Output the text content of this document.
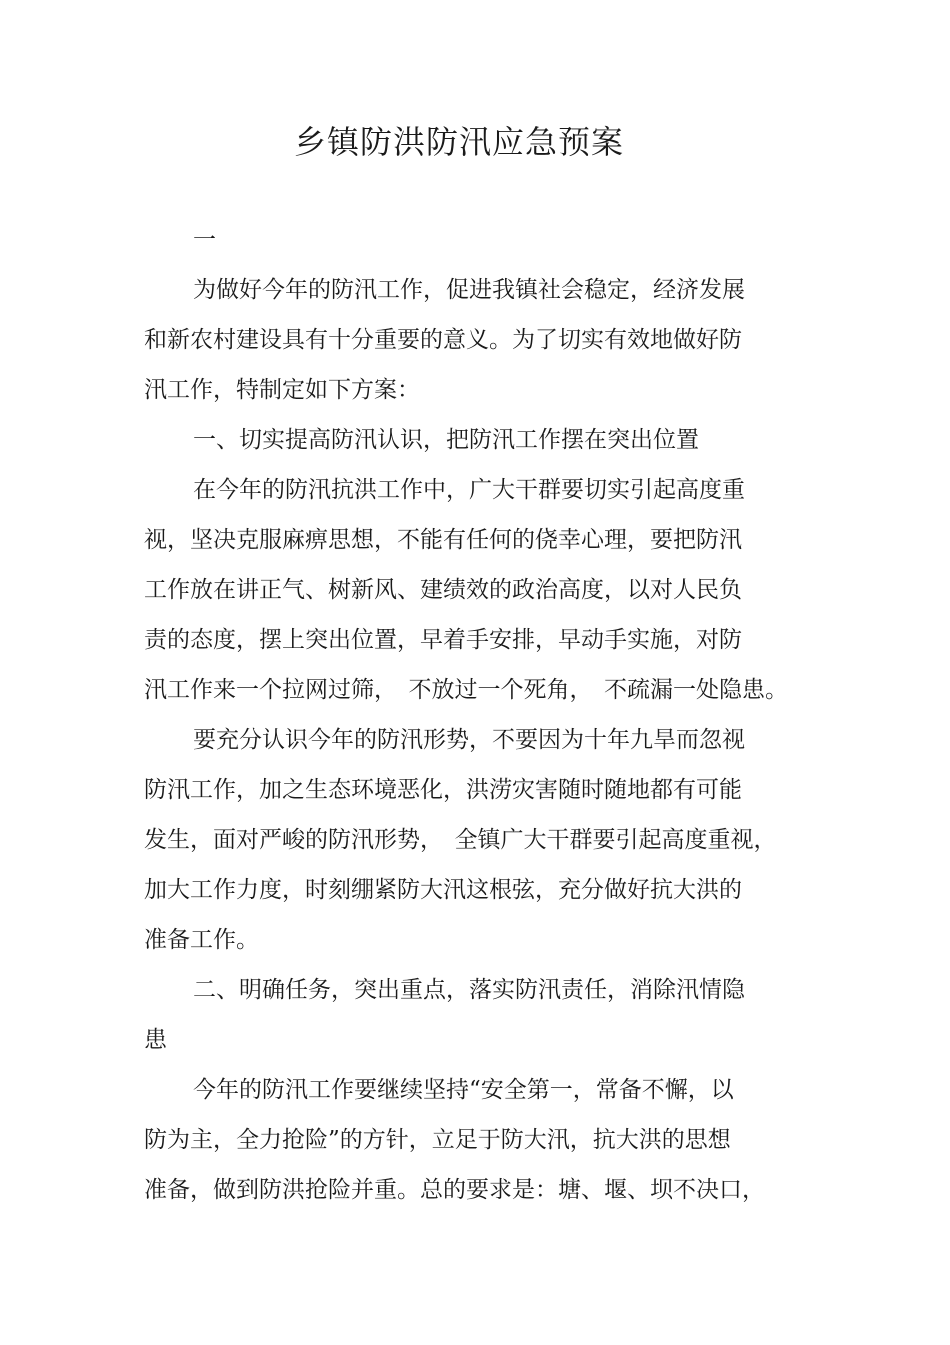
乡镇防洪防汛应急预案
一
为做好今年的防汛工作，促进我镇社会稳定，经济发展
和新农村建设具有十分重要的意义。为了切实有效地做好防
汛工作，特制定如下方案：
一、切实提高防汛认识，把防汛工作摆在突出位置
在今年的防汛抗洪工作中，广大干群要切实引起高度重
视，坚决克服麻痹思想，不能有任何的侥幸心理，要把防汛
工作放在讲正气、树新风、建绩效的政治高度，以对人民负
责的态度，摆上突出位置，早着手安排，早动手实施，对防
汛工作来一个拉网过筛，　不放过一个死角，　不疏漏一处隐患。
要充分认识今年的防汛形势，不要因为十年九旱而忽视
防汛工作，加之生态环境恶化，洪涝灾害随时随地都有可能
发生，面对严峻的防汛形势，　全镇广大干群要引起高度重视，
加大工作力度，时刻绷紧防大汛这根弦，充分做好抗大洪的
准备工作。
二、明确任务，突出重点，落实防汛责任，消除汛情隐
患
今年的防汛工作要继续坚持“安全第一，常备不懈，以
防为主，全力抢险”的方针，立足于防大汛，抗大洪的思想
准备，做到防洪抢险并重。总的要求是：塘、堰、坝不决口，
